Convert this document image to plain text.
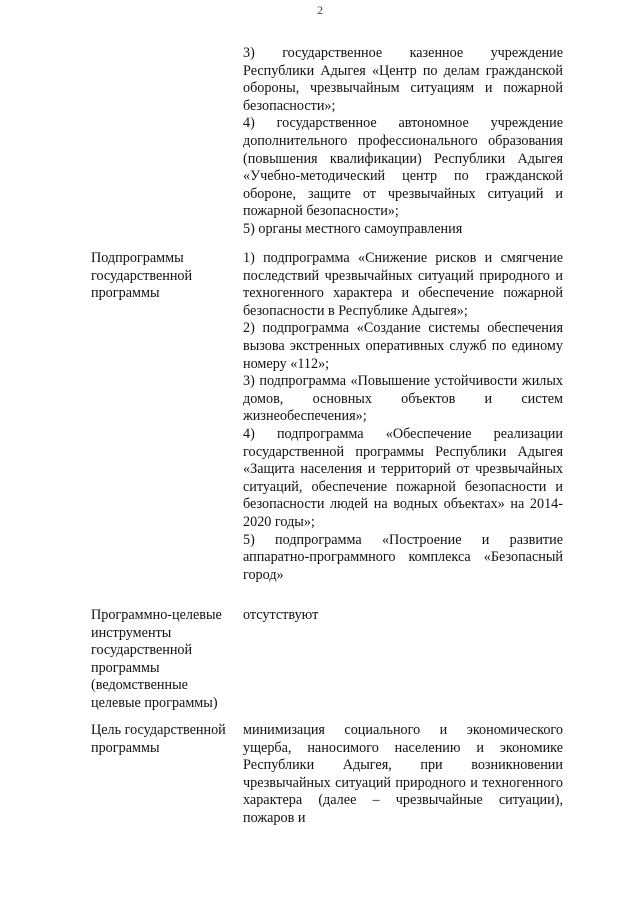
2

3) государственное казенное учреждение Республики Адыгея «Центр по делам гражданской обороны, чрезвычайным ситуациям и пожарной безопасности»;

4) государственное автономное учреждение дополнительного профессионального образования (повышения квалификации) Республики Адыгея «Учебно-методический центр по гражданской обороне, защите от чрезвычайных ситуаций и пожарной безопасности»;

5) органы местного самоуправления

Подпрограммы государственной программы

1) подпрограмма «Снижение рисков и смягчение последствий чрезвычайных ситуаций природного и техногенного характера и обеспечение пожарной безопасности в Республике Адыгея»;

2) подпрограмма «Создание системы обеспечения вызова экстренных оперативных служб по единому номеру «112»;

3) подпрограмма «Повышение устойчивости жилых домов, основных объектов и систем жизнеобеспечения»;

4) подпрограмма «Обеспечение реализации государственной программы Республики Адыгея «Защита населения и территорий от чрезвычайных ситуаций, обеспечение пожарной безопасности и безопасности людей на водных объектах» на 2014-2020 годы»;

5) подпрограмма «Построение и развитие аппаратно-программного комплекса «Безопасный город»

Программно-целевые инструменты государственной программы (ведомственные целевые программы)
отсутствуют
Цель государственной программы
минимизация социального и экономического ущерба, наносимого населению и экономике Республики Адыгея, при возникновении чрезвычайных ситуаций природного и техногенного характера (далее – чрезвычайные ситуации), пожаров и
